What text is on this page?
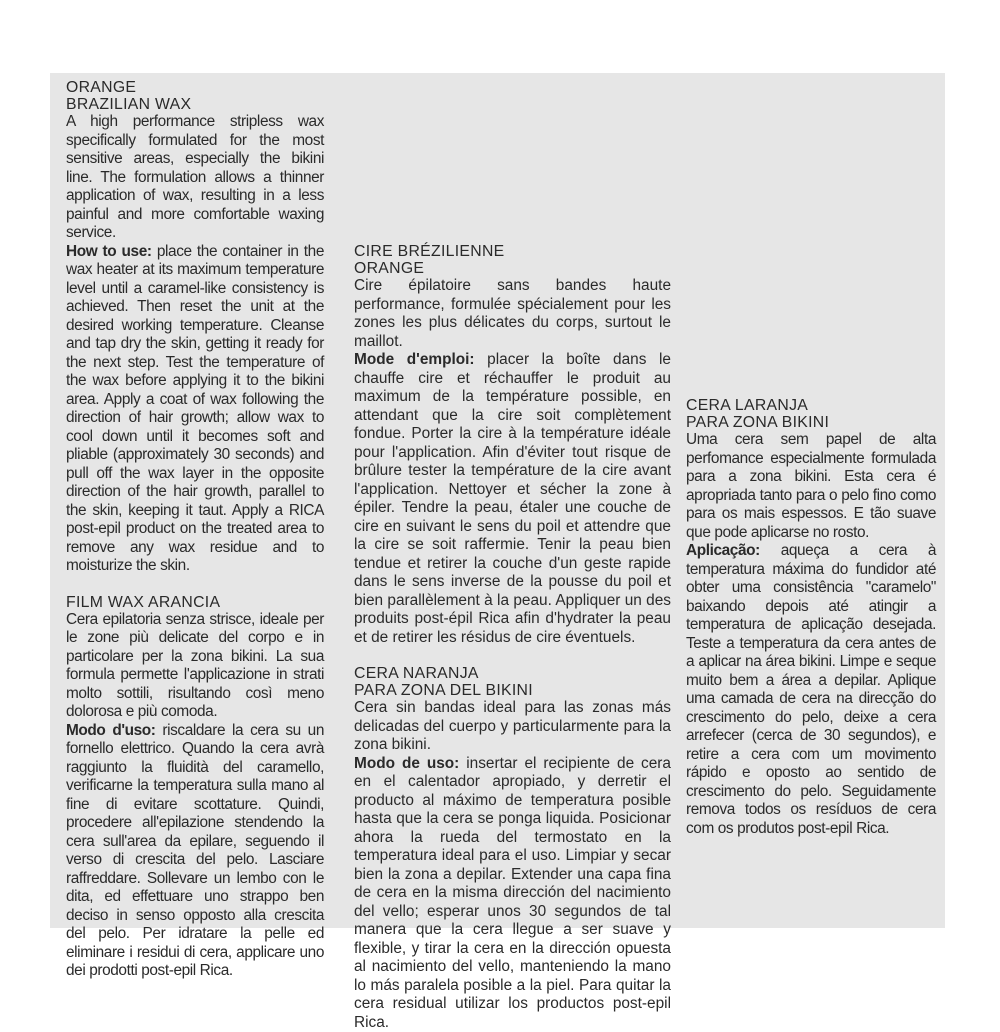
ORANGE

BRAZILIAN WAX

A high performance stripless wax specifically formulated for the most sensitive areas, especially the bikini line. The formulation allows a thinner application of wax, resulting in a less painful and more comfortable waxing service.

How to use: place the container in the wax heater at its maximum temperature level until a caramel-like consistency is achieved. Then reset the unit at the desired working temperature. Cleanse and tap dry the skin, getting it ready for the next step. Test the temperature of the wax before applying it to the bikini area. Apply a coat of wax following the direction of hair growth; allow wax to cool down until it becomes soft and pliable (approximately 30 seconds) and pull off the wax layer in the opposite direction of the hair growth, parallel to the skin, keeping it taut. Apply a RICA post-epil product on the treated area to remove any wax residue and to moisturize the skin.

FILM WAX ARANCIA

Cera epilatoria senza strisce, ideale per le zone più delicate del corpo e in particolare per la zona bikini. La sua formula permette l'applicazione in strati molto sottili, risultando così meno dolorosa e più comoda.

Modo d'uso: riscaldare la cera su un fornello elettrico. Quando la cera avrà raggiunto la fluidità del caramello, verificarne la temperatura sulla mano al fine di evitare scottature. Quindi, procedere all'epilazione stendendo la cera sull'area da epilare, seguendo il verso di crescita del pelo. Lasciare raffreddare. Sollevare un lembo con le dita, ed effettuare uno strappo ben deciso in senso opposto alla crescita del pelo. Per idratare la pelle ed eliminare i residui di cera, applicare uno dei prodotti post-epil Rica.

CIRE BRÉZILIENNE

ORANGE

Cire épilatoire sans bandes haute performance, formulée spécialement pour les zones les plus délicates du corps, surtout le maillot.

Mode d'emploi: placer la boîte dans le chauffe cire et réchauffer le produit au maximum de la température possible, en attendant que la cire soit complètement fondue. Porter la cire à la température idéale pour l'application. Afin d'éviter tout risque de brûlure tester la température de la cire avant l'application. Nettoyer et sécher la zone à épiler. Tendre la peau, étaler une couche de cire en suivant le sens du poil et attendre que la cire se soit raffermie. Tenir la peau bien tendue et retirer la couche d'un geste rapide dans le sens inverse de la pousse du poil et bien parallèlement à la peau. Appliquer un des produits post-épil Rica afin d'hydrater la peau et de retirer les résidus de cire éventuels.

CERA NARANJA

PARA ZONA DEL BIKINI

Cera sin bandas ideal para las zonas más delicadas del cuerpo y particularmente para la zona bikini.

Modo de uso: insertar el recipiente de cera en el calentador apropiado, y derretir el producto al máximo de temperatura posible hasta que la cera se ponga liquida. Posicionar ahora la rueda del termostato en la temperatura ideal para el uso. Limpiar y secar bien la zona a depilar. Extender una capa fina de cera en la misma dirección del nacimiento del vello; esperar unos 30 segundos de tal manera que la cera llegue a ser suave y flexible, y tirar la cera en la dirección opuesta al nacimiento del vello, manteniendo la mano lo más paralela posible a la piel. Para quitar la cera residual utilizar los productos post-epil Rica.

CERA LARANJA

PARA ZONA BIKINI

Uma cera sem papel de alta perfomance especialmente formulada para a zona bikini. Esta cera é apropriada tanto para o pelo fino como para os mais espessos. E tão suave que pode aplicarse no rosto.

Aplicação: aqueça a cera à temperatura máxima do fundidor até obter uma consistência "caramelo" baixando depois até atingir a temperatura de aplicação desejada. Teste a temperatura da cera antes de a aplicar na área bikini. Limpe e seque muito bem a área a depilar. Aplique uma camada de cera na direcção do crescimento do pelo, deixe a cera arrefecer (cerca de 30 segundos), e retire a cera com um movimento rápido e oposto ao sentido de crescimento do pelo. Seguidamente remova todos os resíduos de cera com os produtos post-epil Rica.
